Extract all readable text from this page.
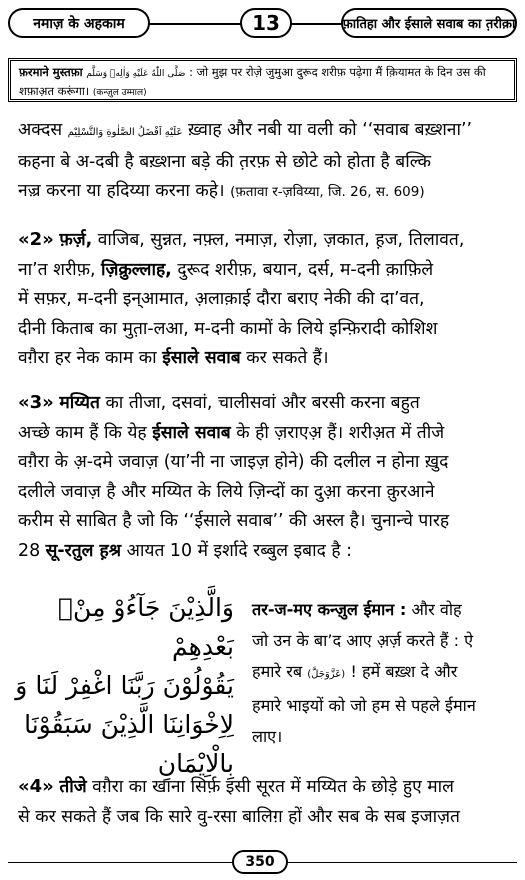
नमाज़ के अहकाम	13	फ़ातिहा और ईसाले सवाब का त़रीक़ा
फ़रमाने मुस्तफ़ा صَلَّى اللّٰهُ عَلَيْهِ وَاٰلِهٖ وَسَلَّم : जो मुझ पर रोज़े जुमुआ दुरूद शरीफ़ पढ़ेगा मैं क़ियामत के दिन उस की शफ़ाअ़त करूंगा। (कन्ज़ुल उम्माल)
अक्दस عَلَيْهِ اَفْضَلُ الصَّلٰوةِ وَالتَّسْلِيْم ख़्वाह और नबी या वली को ‘‘सवाब बख़्शना’’
कहना बे अ-दबी है बख़्शना बड़े की त़रफ़ से छोटे को होता है बल्कि
नज़्र करना या हदिय्या करना कहे। (फ़तावा र-ज़विय्या, जि. 26, स. 609)
«2» फ़र्ज़, वाजिब, सुन्नत, नफ़्ल, नमाज़, रोज़ा, ज़कात, ह़ज, तिलावत,
ना’त शरीफ़, ज़िक्रुल्लाह, दुरूद शरीफ़, बयान, दर्स, म-दनी क़ाफ़िले
में सफ़र, म-दनी इन्आमात, अ़लाक़ाई दौरा बराए नेकी की दा’वत,
दीनी किताब का मुत़ा-लआ, म-दनी कामों के लिये इन्फ़िरादी कोशिश
वग़ैरा हर नेक काम का ईसाले सवाब कर सकते हैं।
«3» मय्यित का तीजा, दसवां, चालीसवां और बरसी करना बहुत
अच्छे काम हैं कि येह ईसाले सवाब के ही ज़राएअ़ हैं। शरीअ़त में तीजे
वग़ैरा के अ़-दमे जवाज़ (या’नी ना जाइज़ होने) की दलील न होना ख़ुद
दलीले जवाज़ है और मय्यित के लिये ज़िन्दों का दुआ़ करना क़ुरआने
करीम से साबित है जो कि ‘‘ईसाले सवाब’’ की अस्ल है। चुनान्चे पारह
28 सू-रतुल ह़श्र आयत 10 में इर्शादे रब्बुल इबाद है :
وَالَّذِيْنَ جَآءُوْ مِنْۢ بَعْدِهِمْ
يَقُوْلُوْنَ رَبَّنَا اغْفِرْ لَنَا وَ
لِاِخْوَانِنَا الَّذِيْنَ سَبَقُوْنَا
بِالْاِيْمَانِ
तर-ज-मए कन्ज़ुल ईमान : और वोह
जो उन के बा’द आए अ़र्ज़ करते हैं : ऐ
हमारे रब (عَزَّوَجَلَّ) ! हमें बख़्श दे और
हमारे भाइयों को जो हम से पहले ईमान
लाए।
«4» तीजे वग़ैरा का खाना सिर्फ़ इसी सूरत में मय्यित के छोड़े हुए माल
से कर सकते हैं जब कि सारे वु-रसा बालिग़ हों और सब के सब इजाज़त
350
